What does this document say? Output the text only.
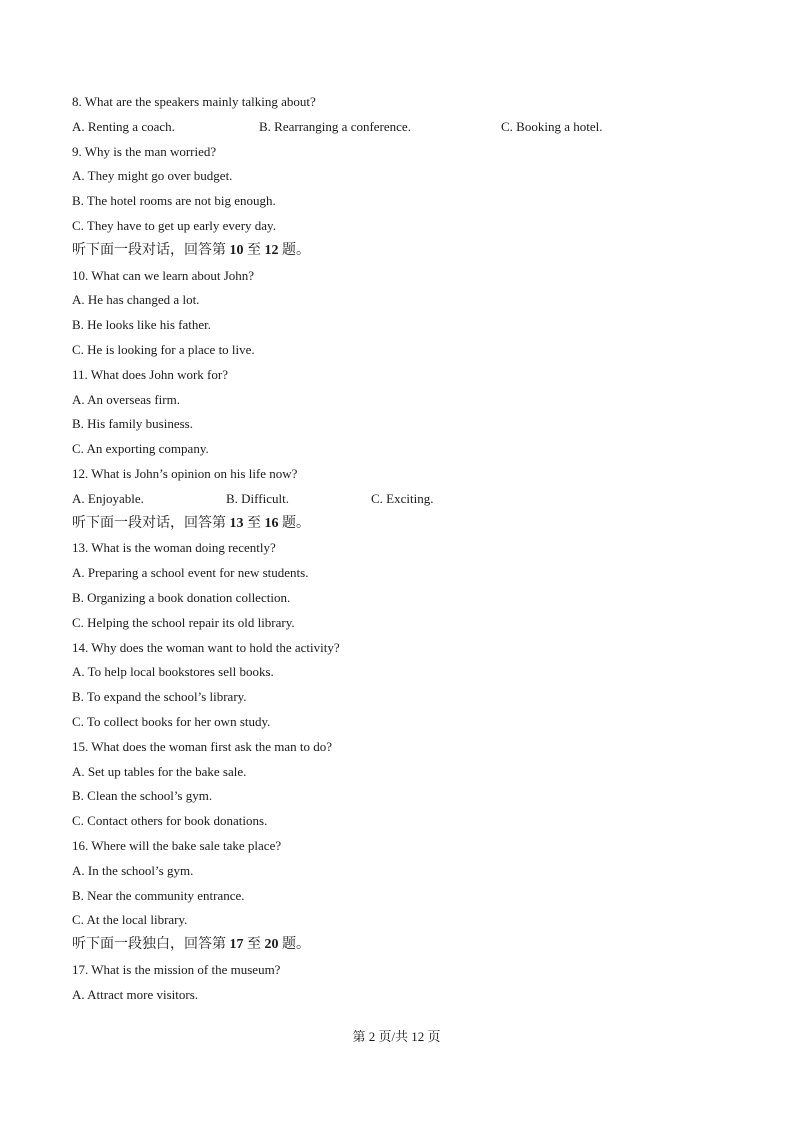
8. What are the speakers mainly talking about?
A. Renting a coach.	B. Rearranging a conference.	C. Booking a hotel.
9. Why is the man worried?
A. They might go over budget.
B. The hotel rooms are not big enough.
C. They have to get up early every day.
听下面一段对话，回答第 10 至 12 题。
10. What can we learn about John?
A. He has changed a lot.
B. He looks like his father.
C. He is looking for a place to live.
11. What does John work for?
A. An overseas firm.
B. His family business.
C. An exporting company.
12. What is John’s opinion on his life now?
A. Enjoyable.	B. Difficult.	C. Exciting.
听下面一段对话，回答第 13 至 16 题。
13. What is the woman doing recently?
A. Preparing a school event for new students.
B. Organizing a book donation collection.
C. Helping the school repair its old library.
14. Why does the woman want to hold the activity?
A. To help local bookstores sell books.
B. To expand the school’s library.
C. To collect books for her own study.
15. What does the woman first ask the man to do?
A. Set up tables for the bake sale.
B. Clean the school’s gym.
C. Contact others for book donations.
16. Where will the bake sale take place?
A. In the school’s gym.
B. Near the community entrance.
C. At the local library.
听下面一段独白，回答第 17 至 20 题。
17. What is the mission of the museum?
A. Attract more visitors.
第 2 页/共 12 页
